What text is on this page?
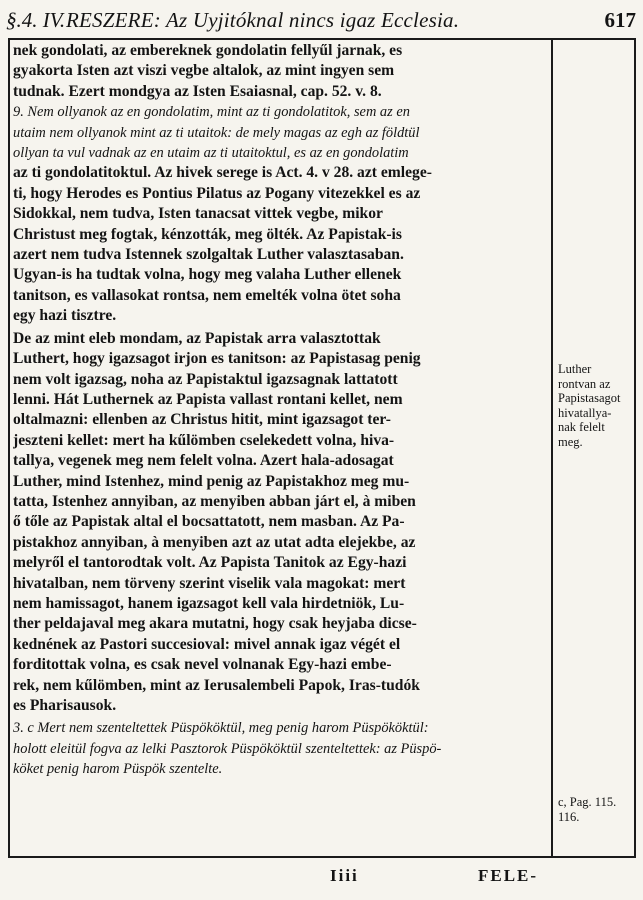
§.4. IV. RESZERE: Az Uyjitóknal nincs igaz Ecclesia.	617
nek gondolati, az embereknek gondolatin fellyűl jarnak, es
gyakorta Isten azt viszi vegbe altalok, az mint ingyen sem
tudnak. Ezert mondgya az Isten Esaiasnal, cap. 52. v. 8.
9. Nem ollyanok az en gondolatim, mint az ti gondolatitok, sem az en
utaim nem ollyanok mint az ti utaitok: de mely magas az egh az földtül
ollyan ta vul vadnak az en utaim az ti utaitoktul, es az en gondolatim
az ti gondolatitoktul. Az hivek serege is Act. 4. v 28. azt emlege-
ti, hogy Herodes es Pontius Pilatus az Pogany vitezekkel es az
Sidokkal, nem tudva, Isten tanacsat vittek vegbe, mikor
Christust meg fogtak, kénzották, meg ölték. Az Papistak-is
azert nem tudva Istennek szolgaltak Luther valasztasaban.
Ugyan-is ha tudtak volna, hogy meg valaha Luther ellenek
tanitson, es vallasokat rontsa, nem emelték volna ötet soha
egy hazi tisztre.
De az mint eleb mondam, az Papistak arra valasztottak
Luthert, hogy igazsagot irjon es tanitson: az Papistasag penig
nem volt igazsag, noha az Papistaktul igazsagnak lattatott
lenni. Hát Luthernek az Papista vallast rontani kellet, nem
oltalmazni: ellenben az Christus hitit, mint igazsagot ter-
jeszteni kellet: mert ha kűlömben cselekedett volna, hiva-
tallya, vegenek meg nem felelt volna. Azert hala-adosagat
Luther, mind Istenhez, mind penig az Papistakhoz meg mu-
tatta, Istenhez annyiban, az menyiben abban járt el, à miben
ő tőle az Papistak altal el bocsattatott, nem masban. Az Pa-
pistakhoz annyiban, à menyiben azt az utat adta elejekbe, az
melyről el tantorodtak volt. Az Papista Tanitok az Egy-hazi
hivatalban, nem törveny szerint viselik vala magokat: mert
nem hamissagot, hanem igazsagot kell vala hirdetniök, Lu-
ther peldajaval meg akara mutatni, hogy csak heyjaba dicse-
kednének az Pastori succesioval: mivel annak igaz végét el
forditottak volna, es csak nevel volnanak Egy-hazi embe-
rek, nem kűlömben, mint az Ierusalembeli Papok, Iras-tudók
es Pharisausok.
3. c Mert nem szenteltettek Püspököktül, meg penig harom Püspököktül:
holott eleitül fogva az lelki Pasztorok Püspököktül szenteltettek: az Püspö-
köket penig harom Püspök szentelte.
Luther
rontvan az
Papistasagot
hivatallya-
nak felelt
meg.
c, Pag. 115.
116.
Iiii	FELE-
